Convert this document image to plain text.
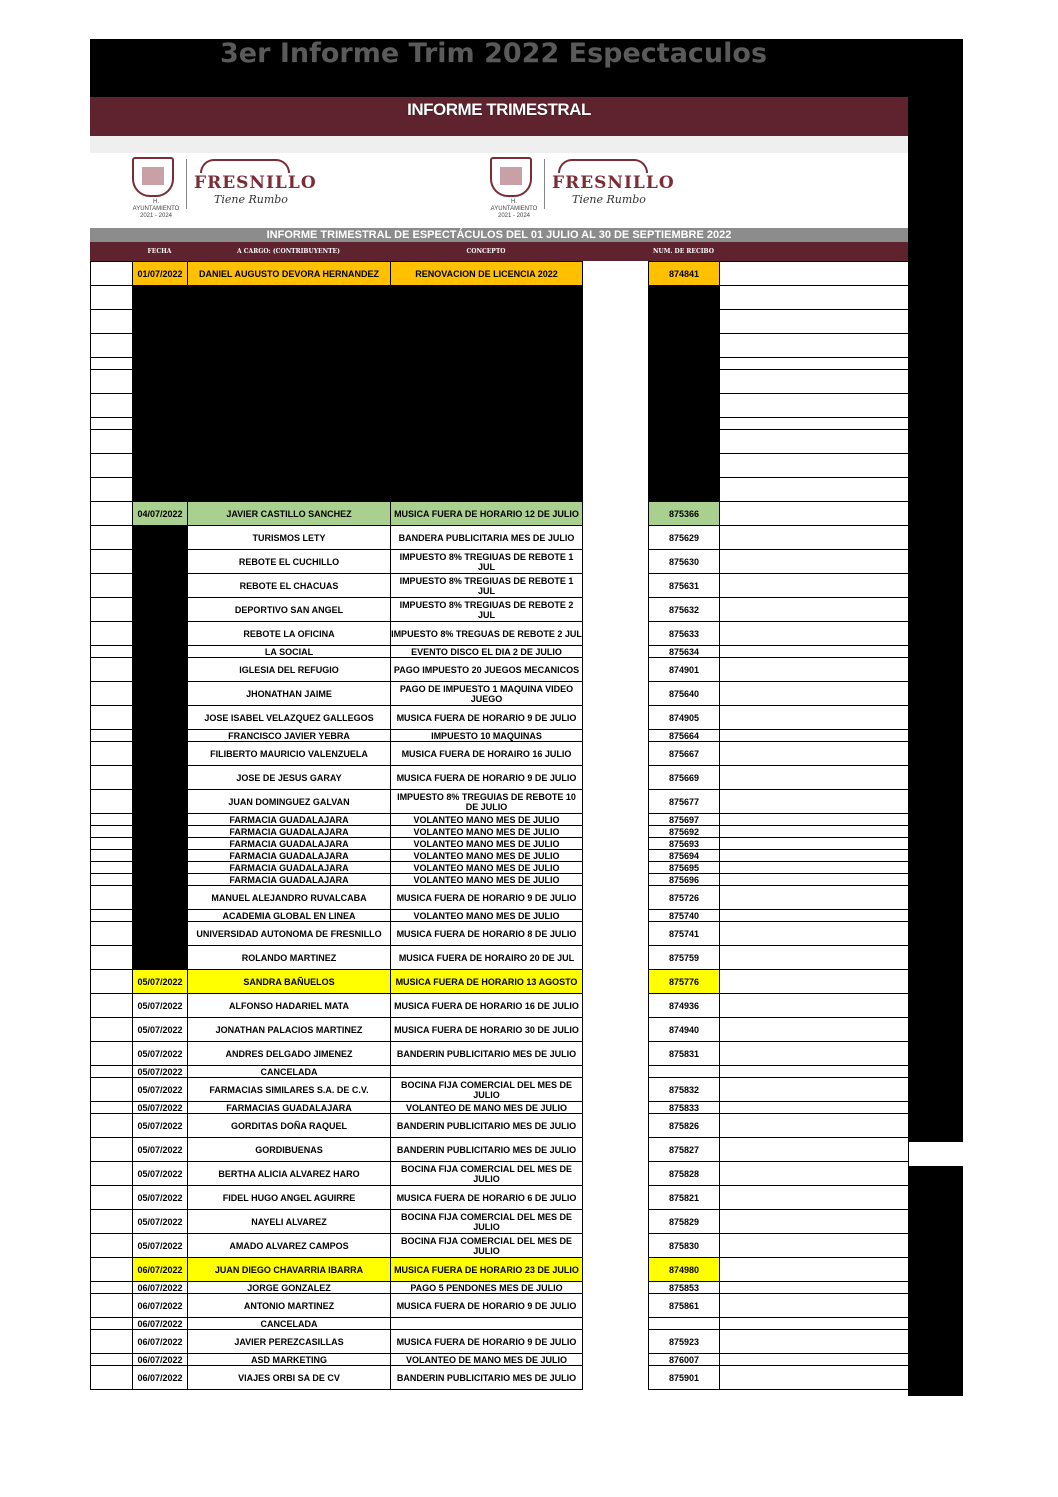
3er Informe Trim 2022 Espectaculos
INFORME TRIMESTRAL
H. AYUNTAMIENTO 2021 - 2024
FRESNILLO
Tiene Rumbo	H. AYUNTAMIENTO 2021 - 2024
FRESNILLO
Tiene Rumbo
INFORME TRIMESTRAL DE ESPECTÁCULOS DEL 01 JULIO AL 30 DE SEPTIEMBRE 2022
FECHA	A CARGO: (CONTRIBUYENTE)	CONCEPTO	NUM. DE RECIBO
	01/07/2022	DANIEL AUGUSTO DEVORA HERNANDEZ	RENOVACION DE LICENCIA 2022		874841	

	04/07/2022	JAVIER CASTILLO SANCHEZ	MUSICA FUERA DE HORARIO 12 DE JULIO		875366	
		TURISMOS LETY	BANDERA PUBLICITARIA MES DE JULIO		875629	
		REBOTE EL CUCHILLO	IMPUESTO 8% TREGIUAS DE REBOTE 1 JUL		875630	
		REBOTE EL CHACUAS	IMPUESTO 8% TREGIUAS DE REBOTE 1 JUL		875631	
		DEPORTIVO SAN ANGEL	IMPUESTO 8% TREGIUAS DE REBOTE 2 JUL		875632	
		REBOTE LA OFICINA	IMPUESTO 8% TREGUAS DE REBOTE 2 JUL		875633	
		LA SOCIAL	EVENTO DISCO EL DIA 2 DE JULIO		875634	
		IGLESIA DEL REFUGIO	PAGO IMPUESTO 20 JUEGOS MECANICOS		874901	
		JHONATHAN JAIME	PAGO DE IMPUESTO 1 MAQUINA VIDEO JUEGO		875640	
		JOSE ISABEL VELAZQUEZ GALLEGOS	MUSICA FUERA DE HORARIO 9 DE JULIO		874905	
		FRANCISCO JAVIER YEBRA	IMPUESTO 10 MAQUINAS		875664	
		FILIBERTO MAURICIO VALENZUELA	MUSICA FUERA DE HORAIRO 16 JULIO		875667	
		JOSE DE JESUS GARAY	MUSICA FUERA DE HORARIO 9 DE JULIO		875669	
		JUAN DOMINGUEZ GALVAN	IMPUESTO 8% TREGUIAS DE REBOTE 10 DE JULIO		875677	
		FARMACIA GUADALAJARA	VOLANTEO MANO MES DE JULIO		875697	
		FARMACIA GUADALAJARA	VOLANTEO MANO MES DE JULIO		875692	
		FARMACIA GUADALAJARA	VOLANTEO MANO MES DE JULIO		875693	
		FARMACIA GUADALAJARA	VOLANTEO MANO MES DE JULIO		875694	
		FARMACIA GUADALAJARA	VOLANTEO MANO MES DE JULIO		875695	
		FARMACIA GUADALAJARA	VOLANTEO MANO MES DE JULIO		875696	
		MANUEL ALEJANDRO RUVALCABA	MUSICA FUERA DE HORARIO 9 DE JULIO		875726	
		ACADEMIA GLOBAL EN LINEA	VOLANTEO MANO MES DE JULIO		875740	
		UNIVERSIDAD AUTONOMA DE FRESNILLO	MUSICA FUERA DE HORARIO 8 DE JULIO		875741	
		ROLANDO MARTINEZ	MUSICA FUERA DE HORAIRO 20 DE JUL		875759	
	05/07/2022	SANDRA BAÑUELOS	MUSICA FUERA DE HORARIO 13 AGOSTO		875776	
	05/07/2022	ALFONSO HADARIEL MATA	MUSICA FUERA DE HORARIO 16 DE JULIO		874936	
	05/07/2022	JONATHAN PALACIOS MARTINEZ	MUSICA FUERA DE HORARIO 30 DE JULIO		874940	
	05/07/2022	ANDRES DELGADO JIMENEZ	BANDERIN PUBLICITARIO MES DE JULIO		875831	
	05/07/2022	CANCELADA				
	05/07/2022	FARMACIAS SIMILARES S.A. DE C.V.	BOCINA FIJA COMERCIAL DEL MES DE JULIO		875832	
	05/07/2022	FARMACIAS GUADALAJARA	VOLANTEO DE MANO MES DE JULIO		875833	
	05/07/2022	GORDITAS DOÑA RAQUEL	BANDERIN PUBLICITARIO MES DE JULIO		875826	
	05/07/2022	GORDIBUENAS	BANDERIN PUBLICITARIO MES DE JULIO		875827	
	05/07/2022	BERTHA ALICIA ALVAREZ HARO	BOCINA FIJA COMERCIAL DEL MES DE JULIO		875828	
	05/07/2022	FIDEL HUGO ANGEL AGUIRRE	MUSICA FUERA DE HORARIO 6 DE JULIO		875821	
	05/07/2022	NAYELI ALVAREZ	BOCINA FIJA COMERCIAL DEL MES DE JULIO		875829	
	05/07/2022	AMADO ALVAREZ CAMPOS	BOCINA FIJA COMERCIAL DEL MES DE JULIO		875830	
	06/07/2022	JUAN DIEGO CHAVARRIA IBARRA	MUSICA FUERA DE HORARIO 23 DE JULIO		874980	
	06/07/2022	JORGE GONZALEZ	PAGO 5 PENDONES MES DE JULIO		875853	
	06/07/2022	ANTONIO MARTINEZ	MUSICA FUERA DE HORARIO 9 DE JULIO		875861	
	06/07/2022	CANCELADA				
	06/07/2022	JAVIER PEREZCASILLAS	MUSICA FUERA DE HORARIO 9 DE JULIO		875923	
	06/07/2022	ASD MARKETING	VOLANTEO DE MANO MES DE JULIO		876007	
	06/07/2022	VIAJES ORBI SA DE CV	BANDERIN PUBLICITARIO MES DE JULIO		875901	
